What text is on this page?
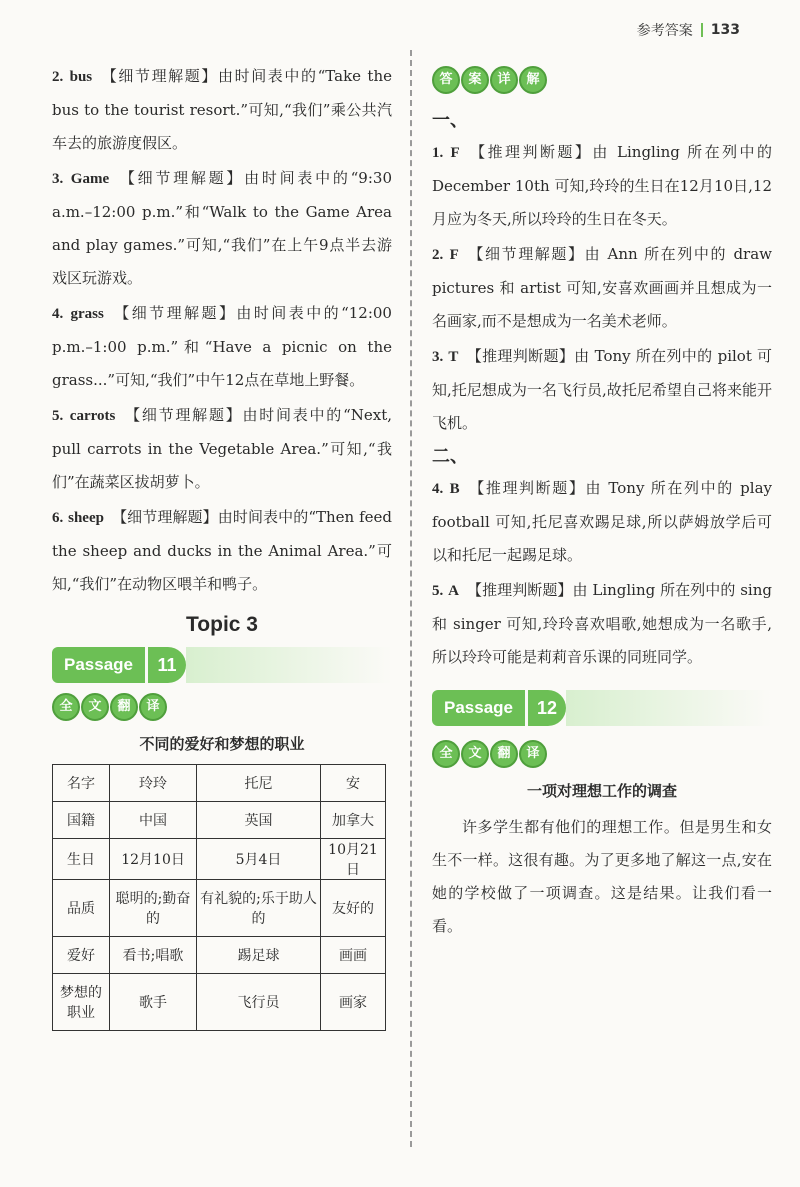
参考答案 133
2. bus 【细节理解题】由时间表中的“Take the bus to the tourist resort.”可知,“我们”乘公共汽车去的旅游度假区。
3. Game 【细节理解题】由时间表中的“9:30 a.m.–12:00 p.m.”和“Walk to the Game Area and play games.”可知,“我们”在上午9点半去游戏区玩游戏。
4. grass 【细节理解题】由时间表中的“12:00 p.m.–1:00 p.m.”和“Have a picnic on the grass...”可知,“我们”中午12点在草地上野餐。
5. carrots 【细节理解题】由时间表中的“Next, pull carrots in the Vegetable Area.”可知,“我们”在蔬菜区拔胡萝卜。
6. sheep 【细节理解题】由时间表中的“Then feed the sheep and ducks in the Animal Area.”可知,“我们”在动物区喂羊和鸭子。
Topic 3
Passage	11
全	文	翻	译
不同的爱好和梦想的职业
名字	玲玲	托尼	安
国籍	中国	英国	加拿大
生日	12月10日	5月4日	10月21日
品质	聪明的;勤奋的	有礼貌的;乐于助人的	友好的
爱好	看书;唱歌	踢足球	画画
梦想的职业	歌手	飞行员	画家
答	案	详	解
一、
1. F 【推理判断题】由 Lingling 所在列中的 December 10th 可知,玲玲的生日在12月10日,12月应为冬天,所以玲玲的生日在冬天。
2. F 【细节理解题】由 Ann 所在列中的 draw pictures 和 artist 可知,安喜欢画画并且想成为一名画家,而不是想成为一名美术老师。
3. T 【推理判断题】由 Tony 所在列中的 pilot 可知,托尼想成为一名飞行员,故托尼希望自己将来能开飞机。
二、
4. B 【推理判断题】由 Tony 所在列中的 play football 可知,托尼喜欢踢足球,所以萨姆放学后可以和托尼一起踢足球。
5. A 【推理判断题】由 Lingling 所在列中的 sing 和 singer 可知,玲玲喜欢唱歌,她想成为一名歌手,所以玲玲可能是莉莉音乐课的同班同学。
Passage	12
全	文	翻	译
一项对理想工作的调查

许多学生都有他们的理想工作。但是男生和女生不一样。这很有趣。为了更多地了解这一点,安在她的学校做了一项调查。这是结果。让我们看一看。
